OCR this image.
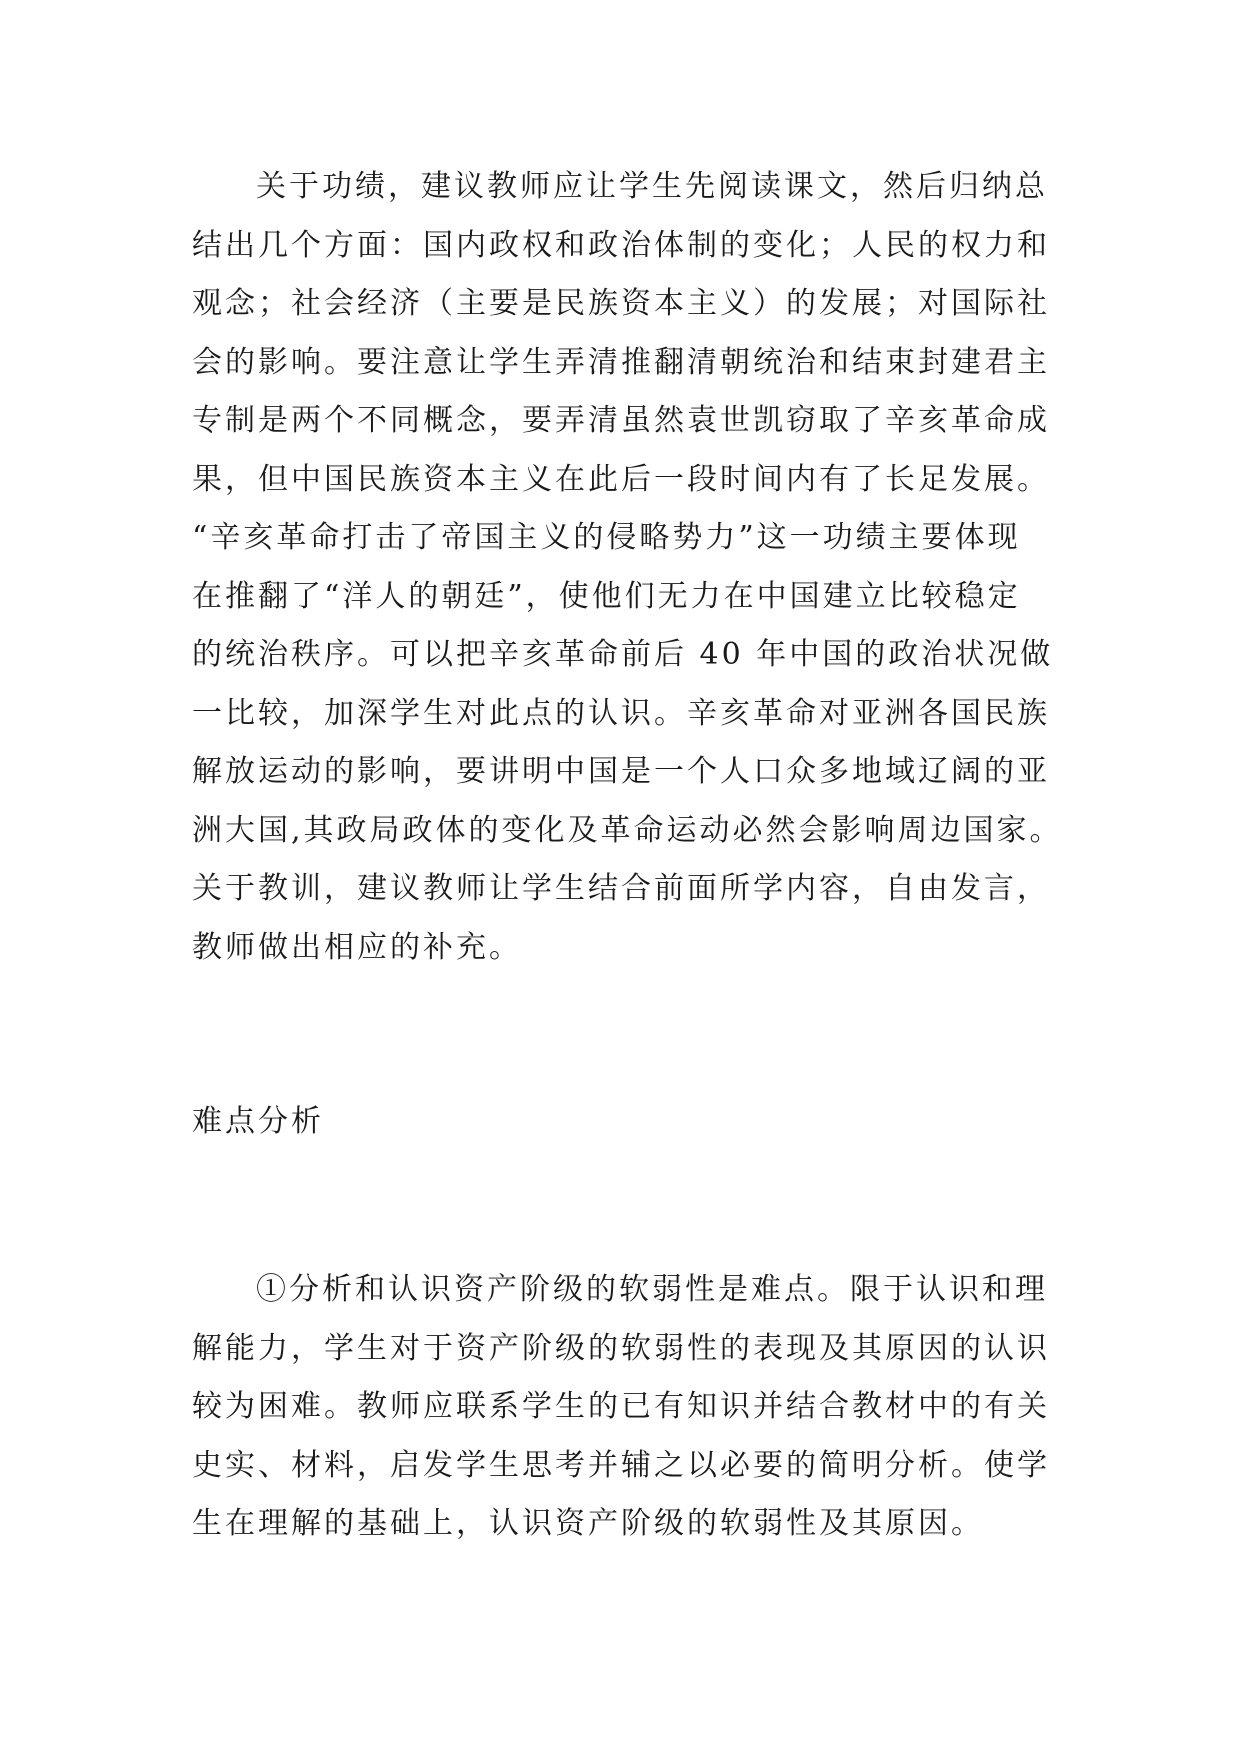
关于功绩，建议教师应让学生先阅读课文，然后归纳总
结出几个方面：国内政权和政治体制的变化；人民的权力和
观念；社会经济（主要是民族资本主义）的发展；对国际社
会的影响。要注意让学生弄清推翻清朝统治和结束封建君主
专制是两个不同概念，要弄清虽然袁世凯窃取了辛亥革命成
果，但中国民族资本主义在此后一段时间内有了长足发展。
“辛亥革命打击了帝国主义的侵略势力”这一功绩主要体现
在推翻了“洋人的朝廷”，使他们无力在中国建立比较稳定
的统治秩序。可以把辛亥革命前后 40 年中国的政治状况做
一比较，加深学生对此点的认识。辛亥革命对亚洲各国民族
解放运动的影响，要讲明中国是一个人口众多地域辽阔的亚
洲大国,其政局政体的变化及革命运动必然会影响周边国家。
关于教训，建议教师让学生结合前面所学内容，自由发言，
教师做出相应的补充。
难点分析
①分析和认识资产阶级的软弱性是难点。限于认识和理
解能力，学生对于资产阶级的软弱性的表现及其原因的认识
较为困难。教师应联系学生的已有知识并结合教材中的有关
史实、材料，启发学生思考并辅之以必要的简明分析。使学
生在理解的基础上，认识资产阶级的软弱性及其原因。
